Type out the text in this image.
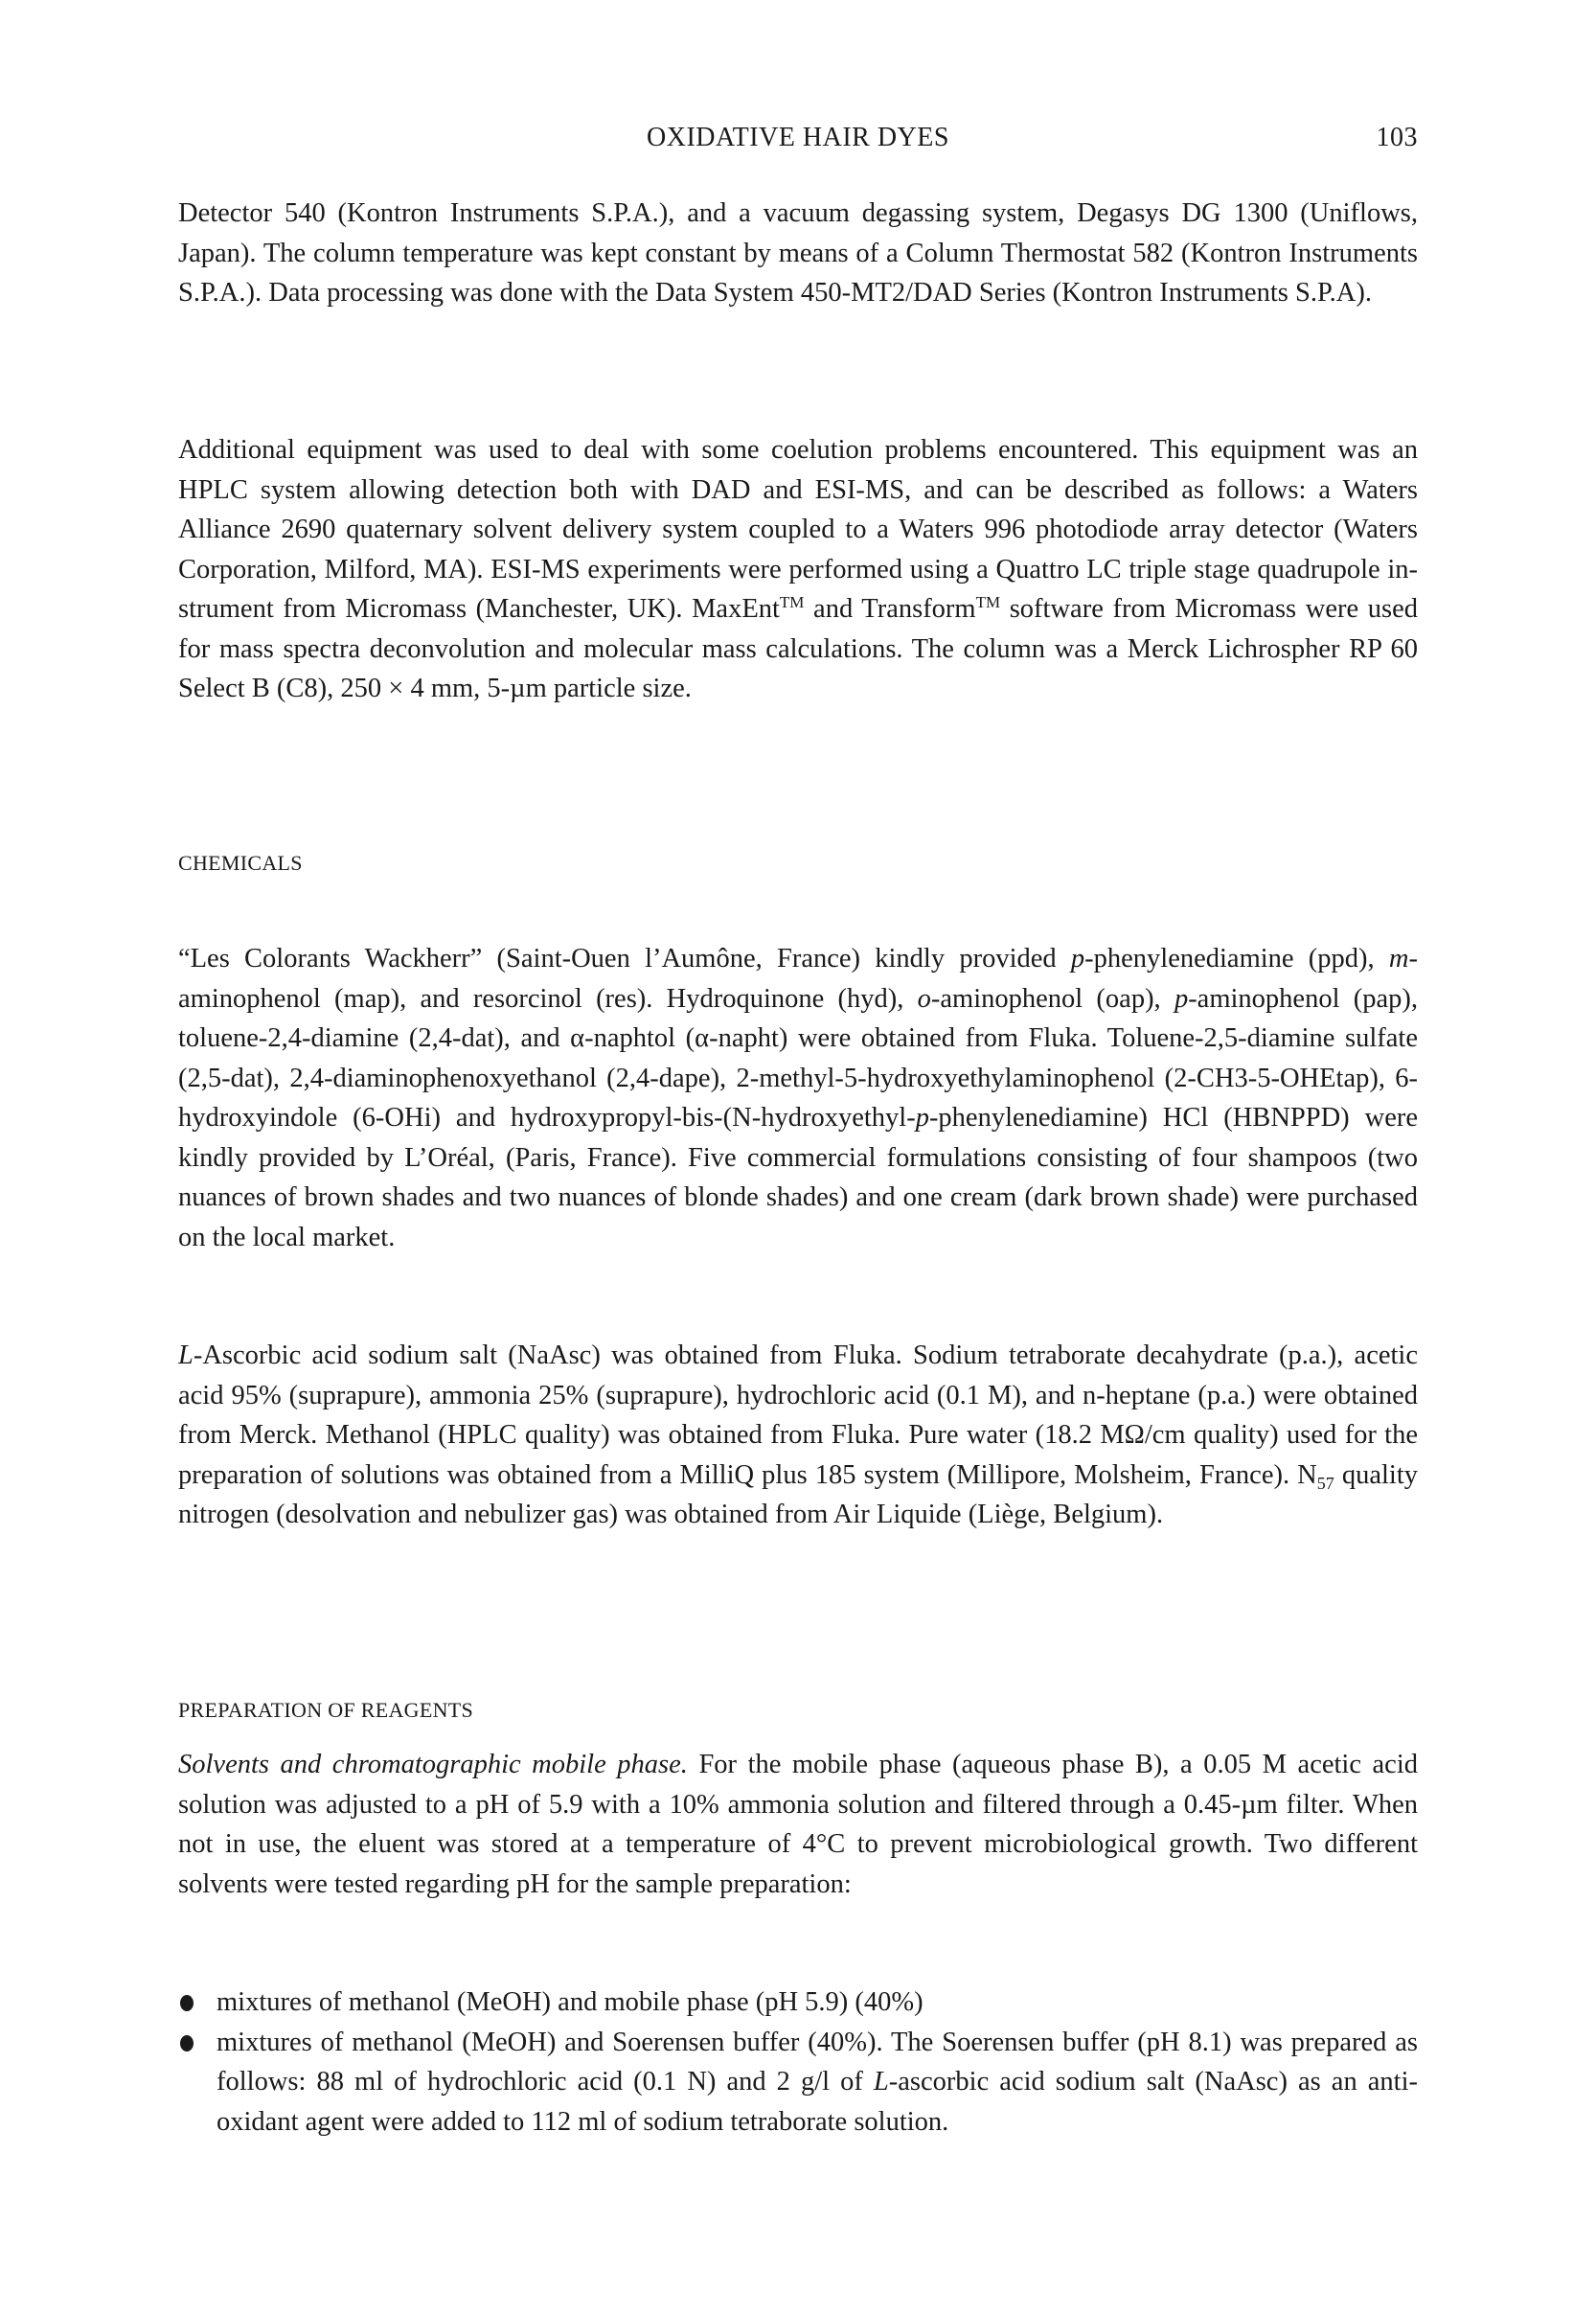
OXIDATIVE HAIR DYES	103

Detector 540 (Kontron Instruments S.P.A.), and a vacuum degassing system, Degasys DG 1300 (Uniflows, Japan). The column temperature was kept constant by means of a Column Thermostat 582 (Kontron Instruments S.P.A.). Data processing was done with the Data System 450-MT2/DAD Series (Kontron Instruments S.P.A).

Additional equipment was used to deal with some coelution problems encountered. This equipment was an HPLC system allowing detection both with DAD and ESI-MS, and can be described as follows: a Waters Alliance 2690 quaternary solvent delivery system coupled to a Waters 996 photodiode array detector (Waters Corporation, Milford, MA). ESI-MS experiments were performed using a Quattro LC triple stage quadrupole instrument from Micromass (Manchester, UK). MaxEnt™ and Transform™ software from Micromass were used for mass spectra deconvolution and molecular mass calculations. The column was a Merck Lichrospher RP 60 Select B (C8), 250 × 4 mm, 5-µm particle size.

CHEMICALS

“Les Colorants Wackherr” (Saint-Ouen l’Aumône, France) kindly provided p-phenylenediamine (ppd), m-aminophenol (map), and resorcinol (res). Hydroquinone (hyd), o-aminophenol (oap), p-aminophenol (pap), toluene-2,4-diamine (2,4-dat), and α-naphtol (α-napht) were obtained from Fluka. Toluene-2,5-diamine sulfate (2,5-dat), 2,4-diaminophenoxyethanol (2,4-dape), 2-methyl-5-hydroxyethylaminophenol (2-CH3-5-OHEtap), 6-hydroxyindole (6-OHi) and hydroxypropyl-bis-(N-hydroxyethyl-p-phenylenediamine) HCl (HBNPPD) were kindly provided by L’Oréal, (Paris, France). Five commercial formulations consisting of four shampoos (two nuances of brown shades and two nuances of blonde shades) and one cream (dark brown shade) were purchased on the local market.

L-Ascorbic acid sodium salt (NaAsc) was obtained from Fluka. Sodium tetraborate decahydrate (p.a.), acetic acid 95% (suprapure), ammonia 25% (suprapure), hydrochloric acid (0.1 M), and n-heptane (p.a.) were obtained from Merck. Methanol (HPLC quality) was obtained from Fluka. Pure water (18.2 MΩ/cm quality) used for the preparation of solutions was obtained from a MilliQ plus 185 system (Millipore, Molsheim, France). $N_{57}$ quality nitrogen (desolvation and nebulizer gas) was obtained from Air Liquide (Liège, Belgium).

PREPARATION OF REAGENTS

Solvents and chromatographic mobile phase. For the mobile phase (aqueous phase B), a 0.05 M acetic acid solution was adjusted to a pH of 5.9 with a 10% ammonia solution and filtered through a 0.45-µm filter. When not in use, the eluent was stored at a temperature of 4°C to prevent microbiological growth. Two different solvents were tested regarding pH for the sample preparation:

mixtures of methanol (MeOH) and mobile phase (pH 5.9) (40%)
mixtures of methanol (MeOH) and Soerensen buffer (40%). The Soerensen buffer (pH 8.1) was prepared as follows: 88 ml of hydrochloric acid (0.1 N) and 2 g/l of L-ascorbic acid sodium salt (NaAsc) as an anti-oxidant agent were added to 112 ml of sodium tetraborate solution.
